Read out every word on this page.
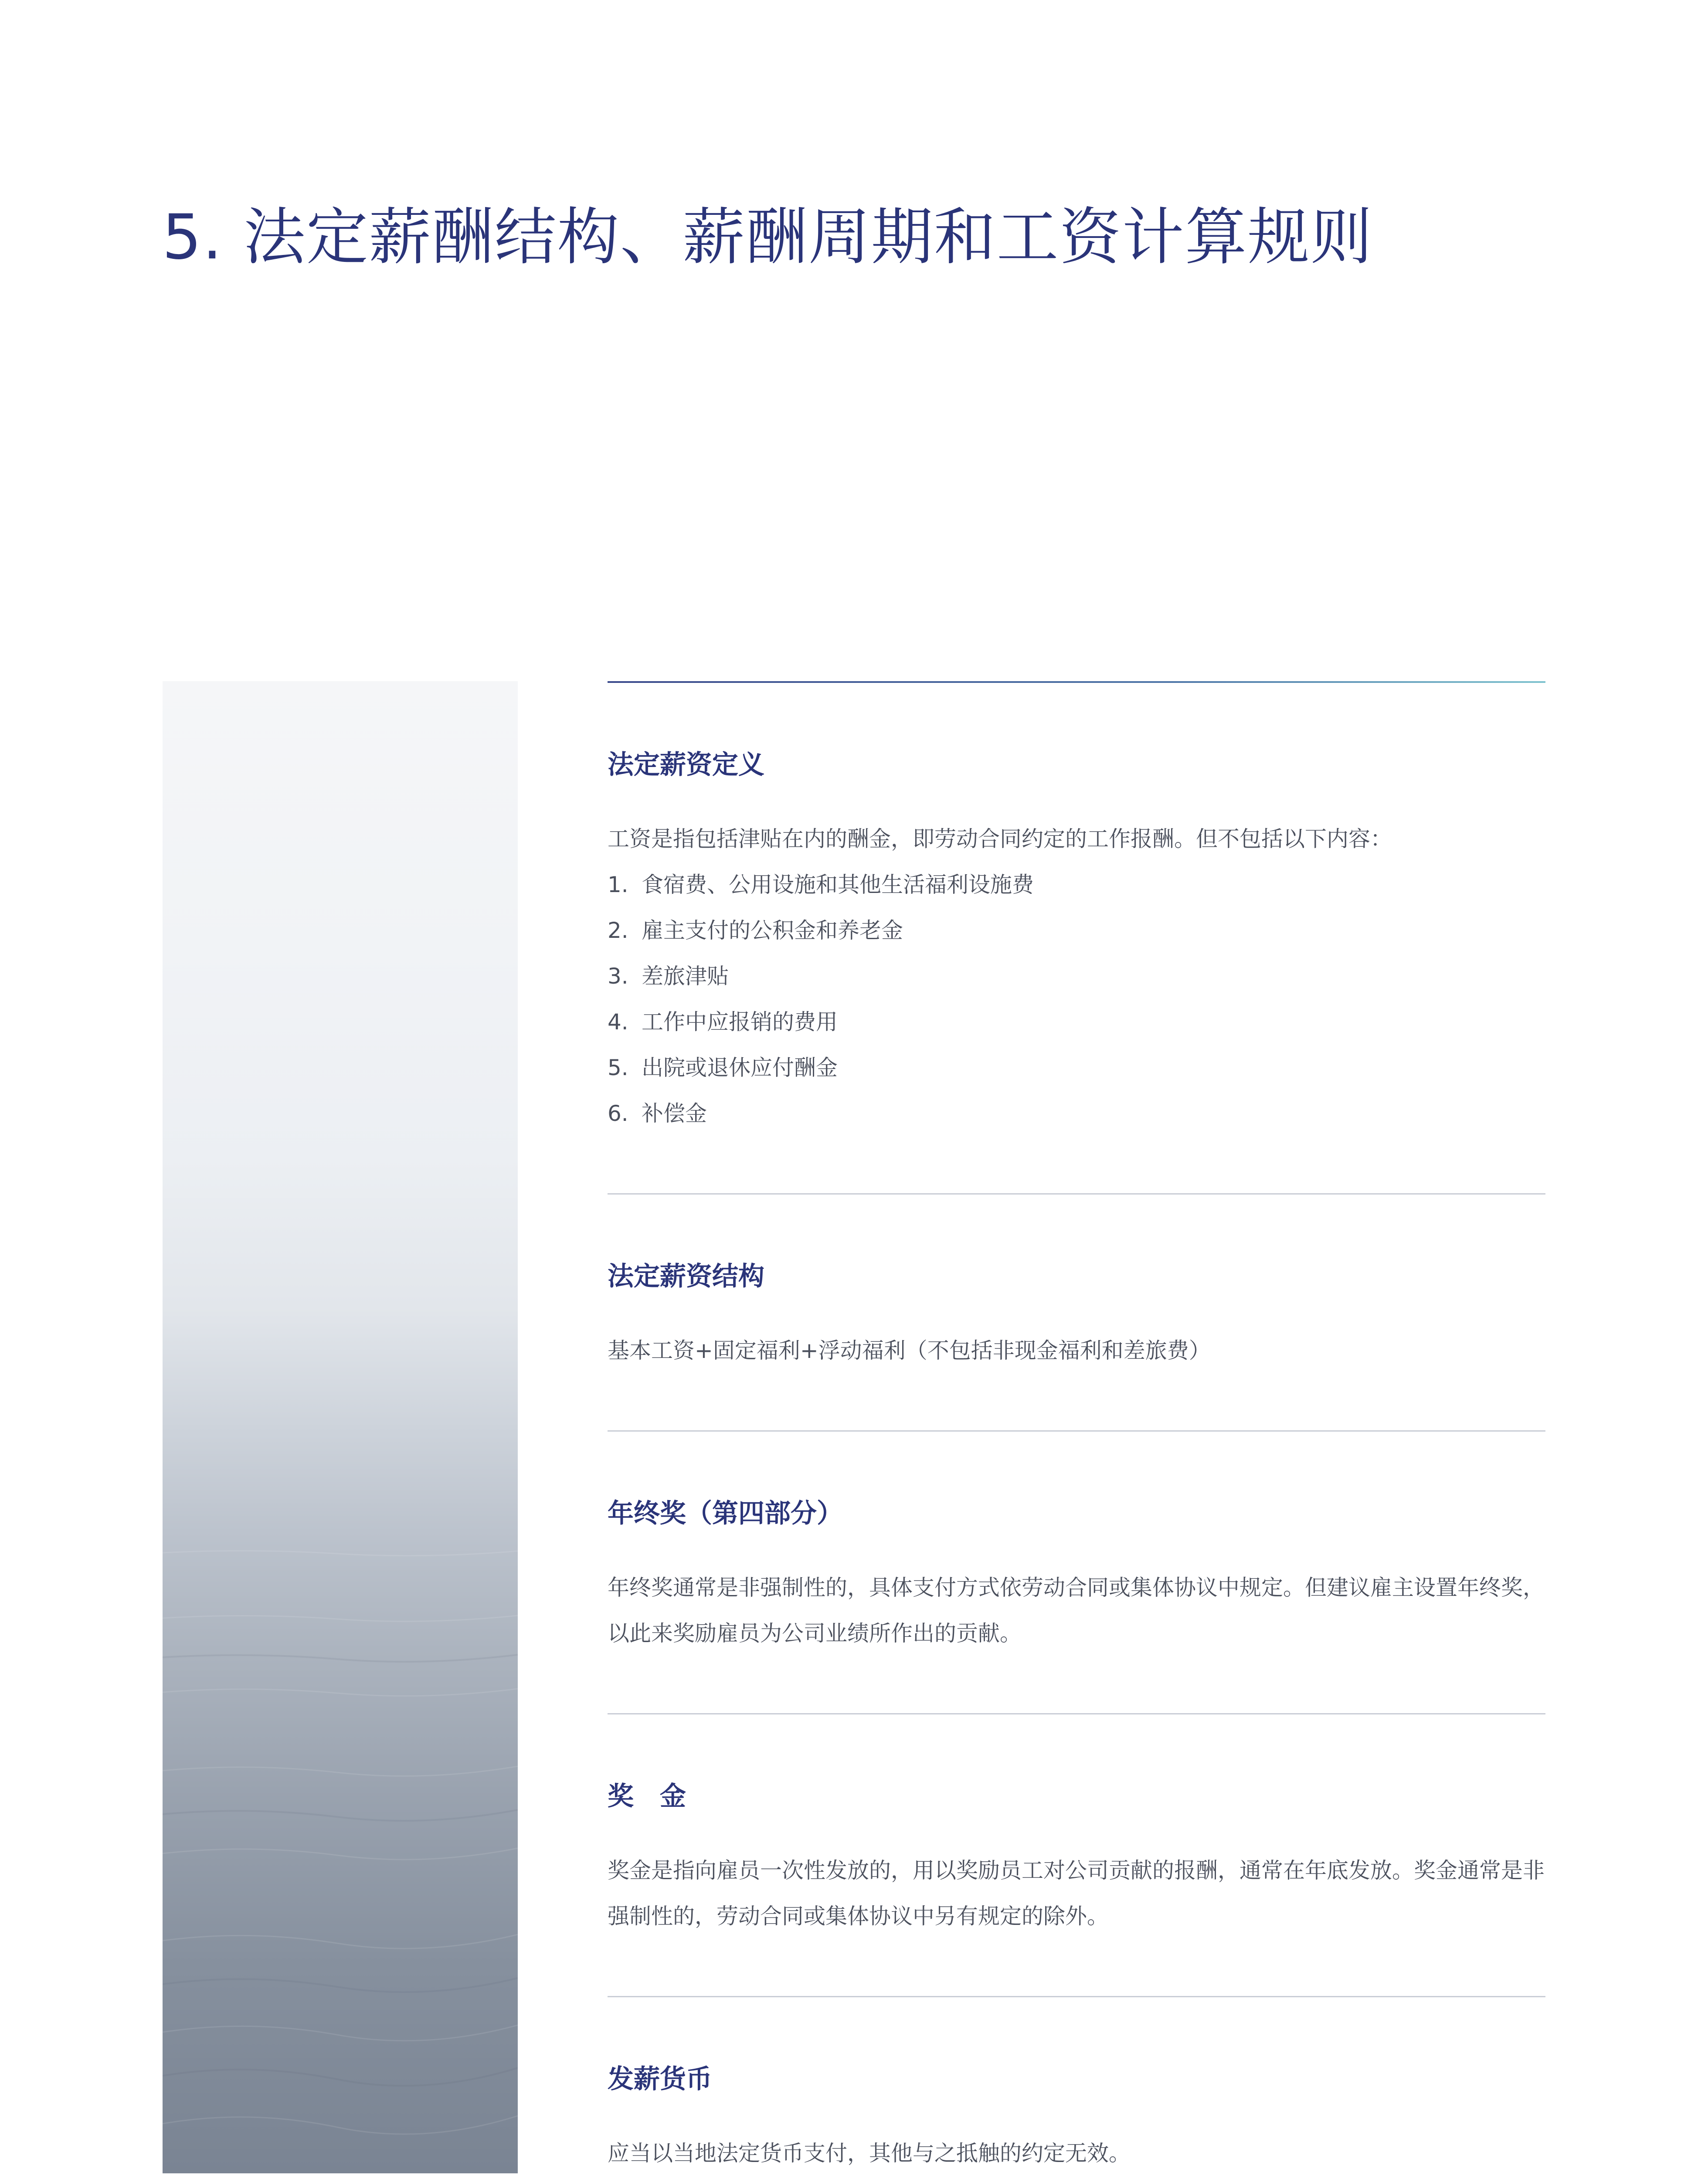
5. 法定薪酬结构、薪酬周期和工资计算规则
法定薪资定义

工资是指包括津贴在内的酬金，即劳动合同约定的工作报酬。但不包括以下内容：

1. 食宿费、公用设施和其他生活福利设施费
2. 雇主支付的公积金和养老金
3. 差旅津贴
4. 工作中应报销的费用
5. 出院或退休应付酬金
6. 补偿金
法定薪资结构

基本工资+固定福利+浮动福利（不包括非现金福利和差旅费）

年终奖（第四部分）

年终奖通常是非强制性的，具体支付方式依劳动合同或集体协议中规定。但建议雇主设置年终奖，以此来奖励雇员为公司业绩所作出的贡献。

奖　金

奖金是指向雇员一次性发放的，用以奖励员工对公司贡献的报酬，通常在年底发放。奖金通常是非强制性的，劳动合同或集体协议中另有规定的除外。

发薪货币

应当以当地法定货币支付，其他与之抵触的约定无效。
